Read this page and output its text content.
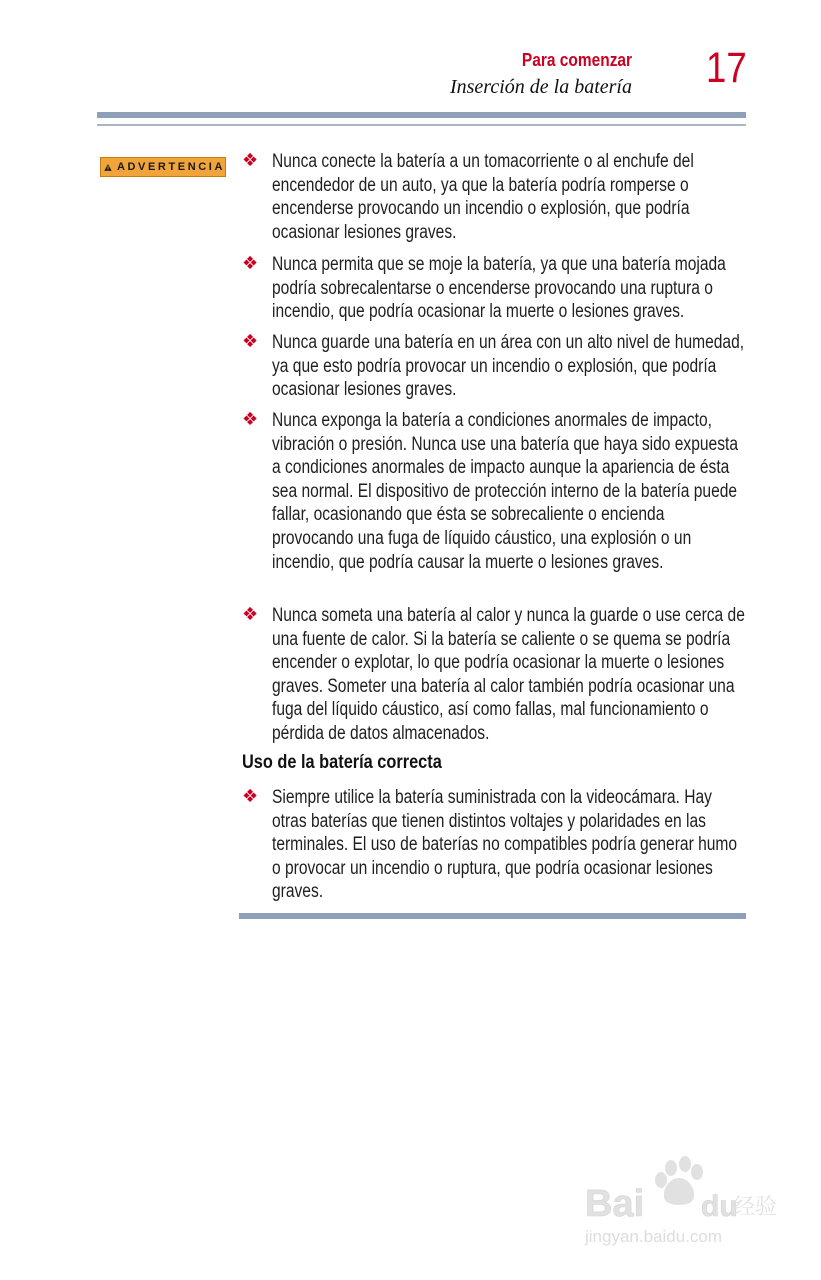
Para comenzar
Inserción de la batería 17
ADVERTENCIA ❖ Nunca conecte la batería a un tomacorriente o al enchufe del encendedor de un auto, ya que la batería podría romperse o encenderse provocando un incendio o explosión, que podría ocasionar lesiones graves.
❖ Nunca permita que se moje la batería, ya que una batería mojada podría sobrecalentarse o encenderse provocando una ruptura o incendio, que podría ocasionar la muerte o lesiones graves.
❖ Nunca guarde una batería en un área con un alto nivel de humedad, ya que esto podría provocar un incendio o explosión, que podría ocasionar lesiones graves.
❖ Nunca exponga la batería a condiciones anormales de impacto, vibración o presión. Nunca use una batería que haya sido expuesta a condiciones anormales de impacto aunque la apariencia de ésta sea normal. El dispositivo de protección interno de la batería puede fallar, ocasionando que ésta se sobrecaliente o encienda provocando una fuga de líquido cáustico, una explosión o un incendio, que podría causar la muerte o lesiones graves.
❖ Nunca someta una batería al calor y nunca la guarde o use cerca de una fuente de calor. Si la batería se caliente o se quema se podría encender o explotar, lo que podría ocasionar la muerte o lesiones graves. Someter una batería al calor también podría ocasionar una fuga del líquido cáustico, así como fallas, mal funcionamiento o pérdida de datos almacenados.
Uso de la batería correcta
❖ Siempre utilice la batería suministrada con la videocámara. Hay otras baterías que tienen distintos voltajes y polaridades en las terminales. El uso de baterías no compatibles podría generar humo o provocar un incendio o ruptura, que podría ocasionar lesiones graves.
Bai du
经验
jingyan.baidu.com
